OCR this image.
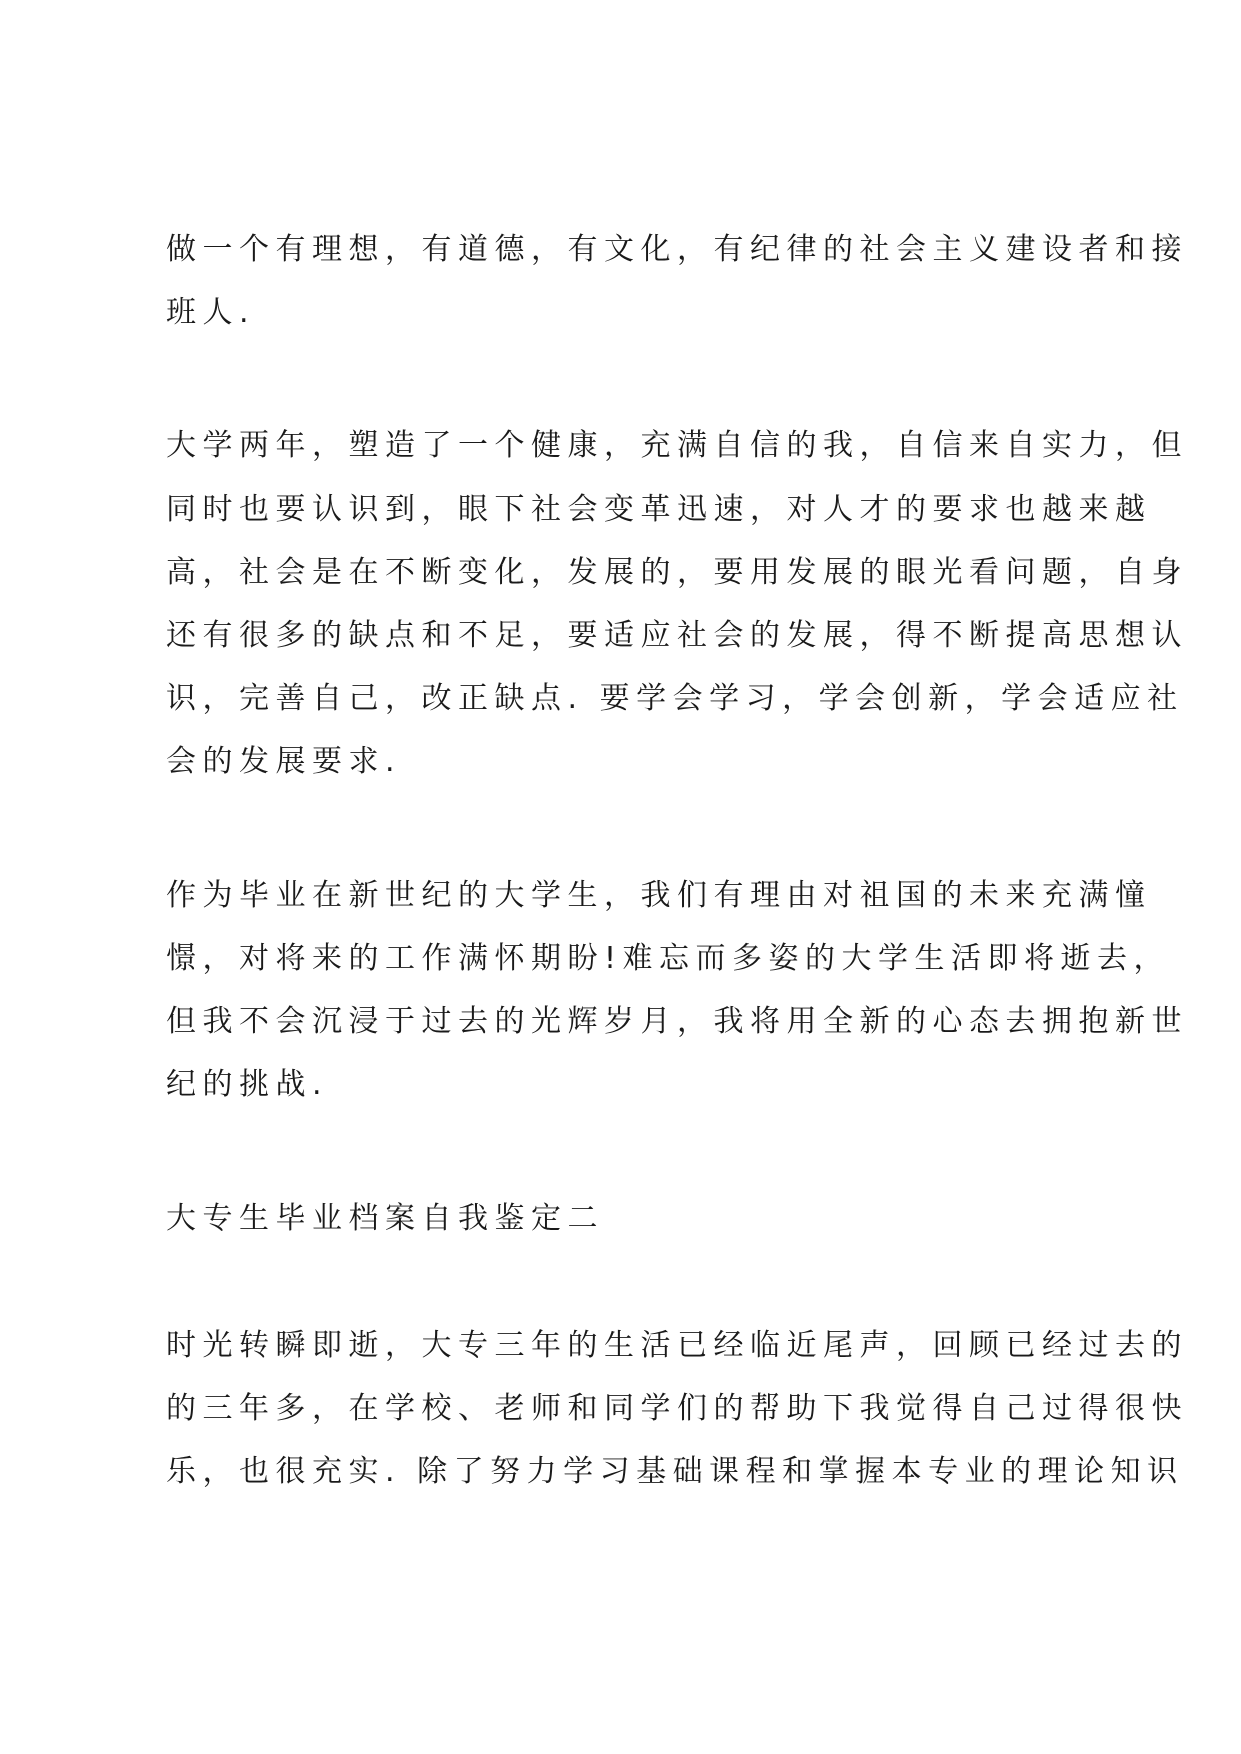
做一个有理想，有道德，有文化，有纪律的社会主义建设者和接
班人.
大学两年，塑造了一个健康，充满自信的我，自信来自实力，但
同时也要认识到，眼下社会变革迅速，对人才的要求也越来越
高，社会是在不断变化，发展的，要用发展的眼光看问题，自身
还有很多的缺点和不足，要适应社会的发展，得不断提高思想认
识，完善自己，改正缺点. 要学会学习，学会创新，学会适应社
会的发展要求.
作为毕业在新世纪的大学生，我们有理由对祖国的未来充满憧
憬，对将来的工作满怀期盼!难忘而多姿的大学生活即将逝去，
但我不会沉浸于过去的光辉岁月，我将用全新的心态去拥抱新世
纪的挑战.
大专生毕业档案自我鉴定二
时光转瞬即逝，大专三年的生活已经临近尾声，回顾已经过去的
的三年多，在学校、老师和同学们的帮助下我觉得自己过得很快
乐，也很充实. 除了努力学习基础课程和掌握本专业的理论知识
